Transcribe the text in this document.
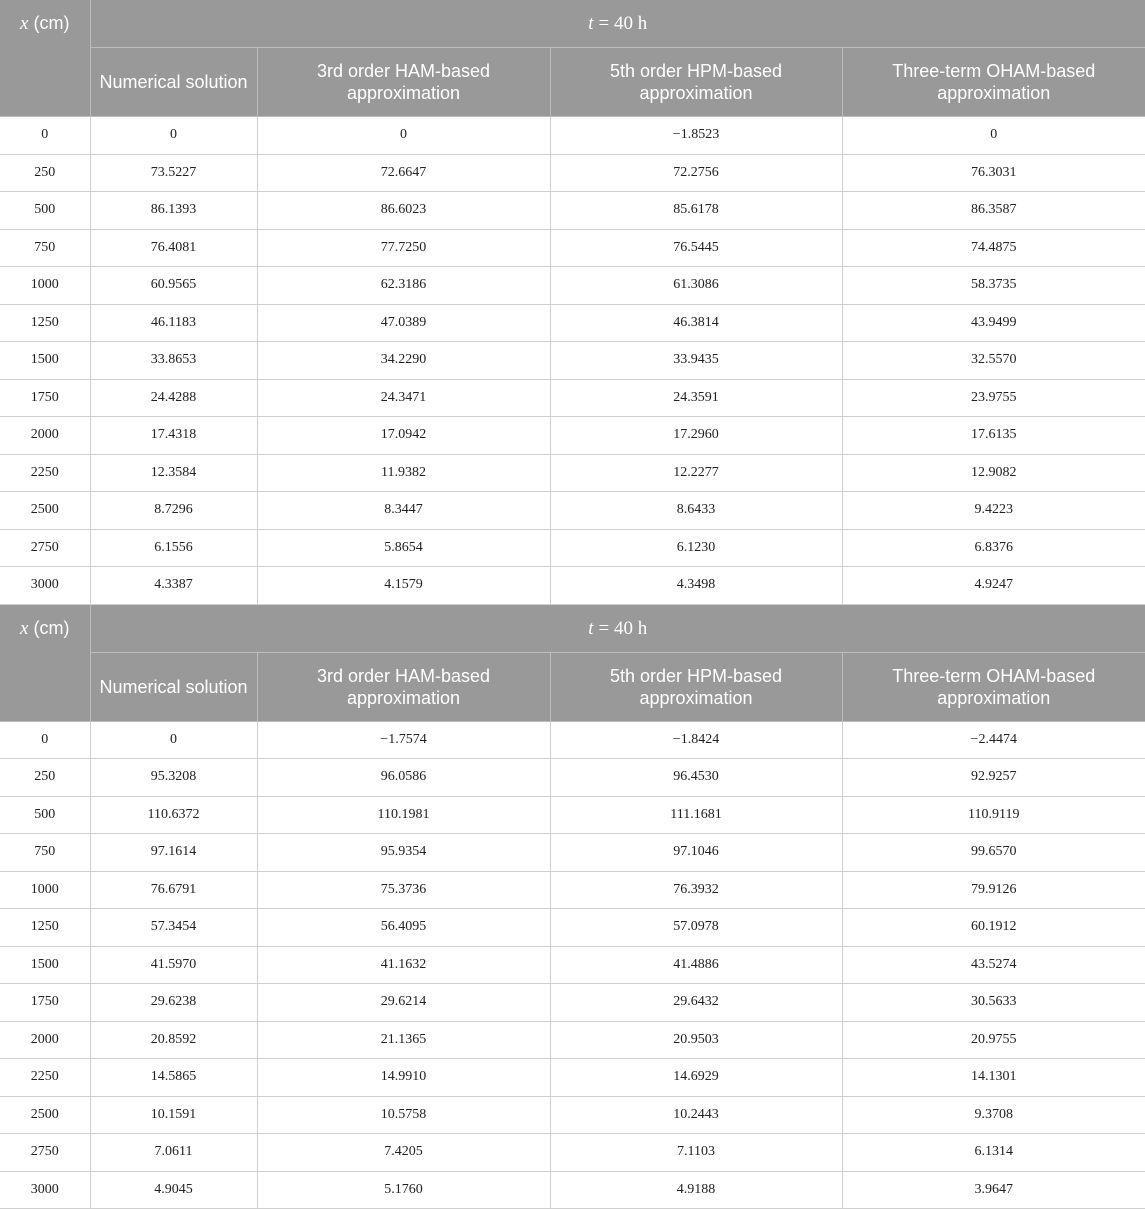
x (cm)	t = 40 h			
	Numerical solution	3rd order HAM-based approximation	5th order HPM-based approximation	Three-term OHAM-based approximation
0	0	0	−1.8523	0
250	73.5227	72.6647	72.2756	76.3031
500	86.1393	86.6023	85.6178	86.3587
750	76.4081	77.7250	76.5445	74.4875
1000	60.9565	62.3186	61.3086	58.3735
1250	46.1183	47.0389	46.3814	43.9499
1500	33.8653	34.2290	33.9435	32.5570
1750	24.4288	24.3471	24.3591	23.9755
2000	17.4318	17.0942	17.2960	17.6135
2250	12.3584	11.9382	12.2277	12.9082
2500	8.7296	8.3447	8.6433	9.4223
2750	6.1556	5.8654	6.1230	6.8376
3000	4.3387	4.1579	4.3498	4.9247
x (cm)	t = 40 h			
	Numerical solution	3rd order HAM-based approximation	5th order HPM-based approximation	Three-term OHAM-based approximation
0	0	−1.7574	−1.8424	−2.4474
250	95.3208	96.0586	96.4530	92.9257
500	110.6372	110.1981	111.1681	110.9119
750	97.1614	95.9354	97.1046	99.6570
1000	76.6791	75.3736	76.3932	79.9126
1250	57.3454	56.4095	57.0978	60.1912
1500	41.5970	41.1632	41.4886	43.5274
1750	29.6238	29.6214	29.6432	30.5633
2000	20.8592	21.1365	20.9503	20.9755
2250	14.5865	14.9910	14.6929	14.1301
2500	10.1591	10.5758	10.2443	9.3708
2750	7.0611	7.4205	7.1103	6.1314
3000	4.9045	5.1760	4.9188	3.9647
